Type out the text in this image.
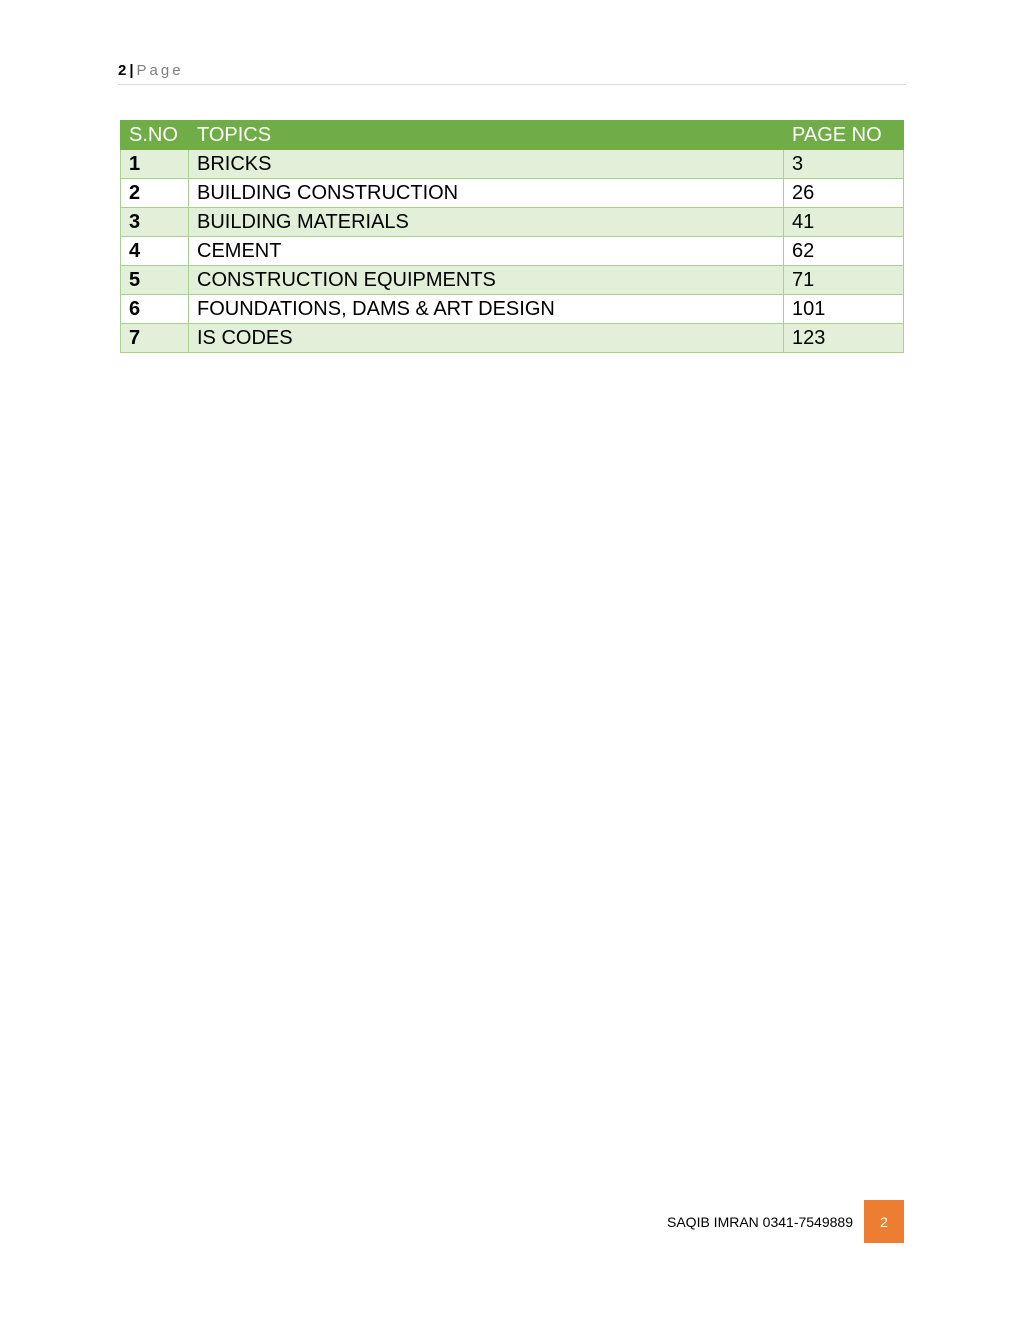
2 | Page
S.NO	TOPICS	PAGE NO
1	BRICKS	3
2	BUILDING CONSTRUCTION	26
3	BUILDING MATERIALS	41
4	CEMENT	62
5	CONSTRUCTION EQUIPMENTS	71
6	FOUNDATIONS, DAMS & ART DESIGN	101
7	IS CODES	123
SAQIB IMRAN 0341-7549889 2
